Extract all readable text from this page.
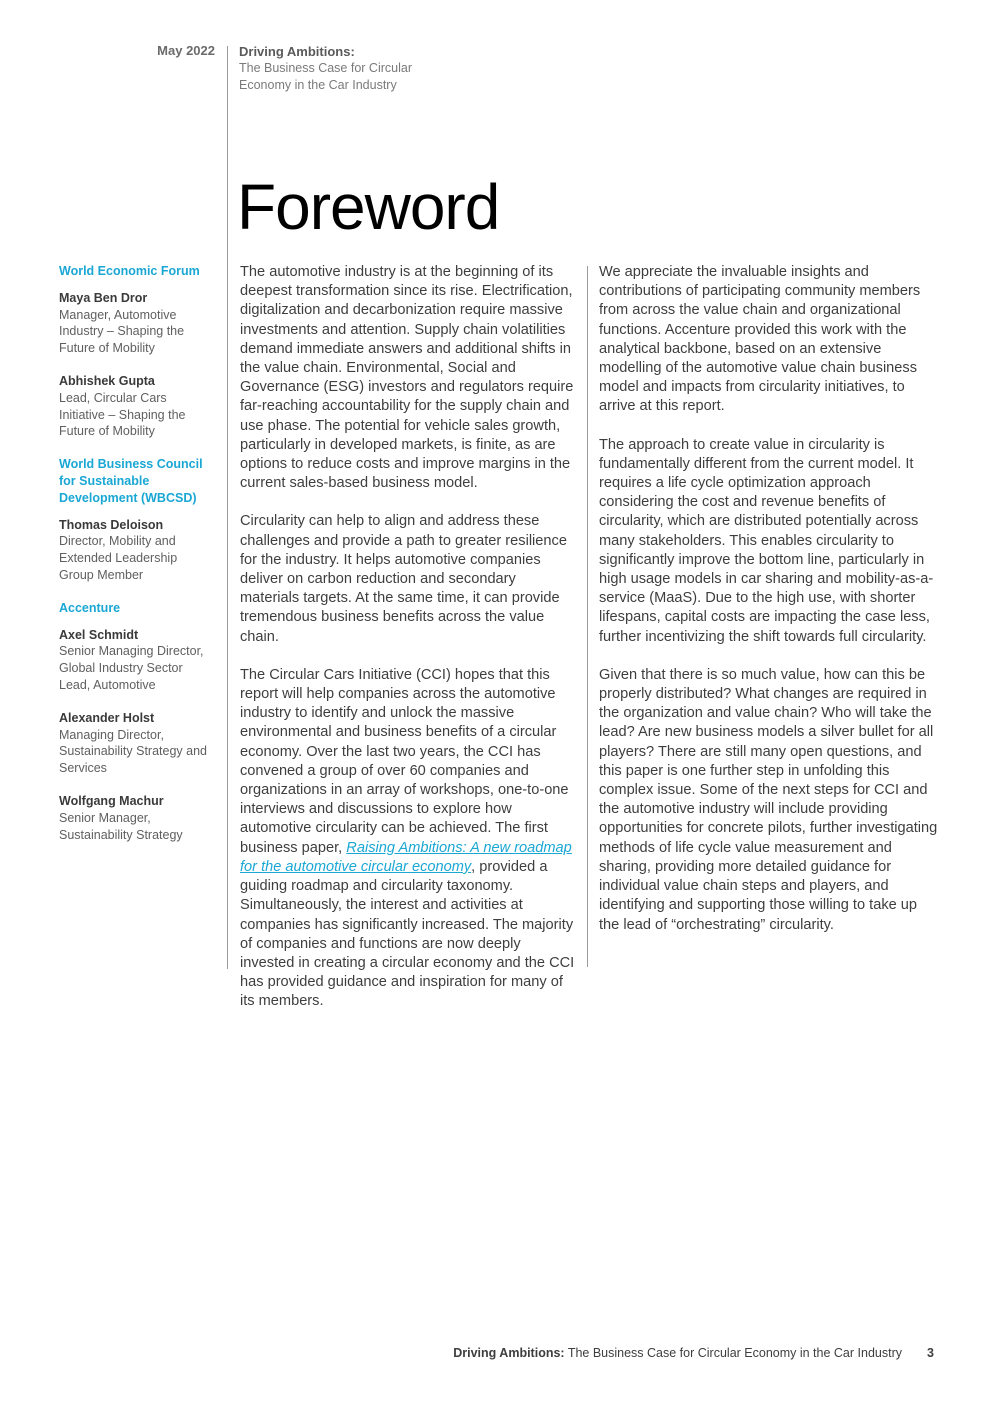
May 2022 Driving Ambitions:
The Business Case for Circular
Economy in the Car Industry
Foreword
World Economic Forum
Maya Ben Dror
Manager, Automotive Industry – Shaping the Future of Mobility
Abhishek Gupta
Lead, Circular Cars Initiative – Shaping the Future of Mobility
World Business Council for Sustainable Development (WBCSD)
Thomas Deloison
Director, Mobility and Extended Leadership Group Member
Accenture
Axel Schmidt
Senior Managing Director, Global Industry Sector Lead, Automotive
Alexander Holst
Managing Director, Sustainability Strategy and Services
Wolfgang Machur
Senior Manager, Sustainability Strategy

The automotive industry is at the beginning of its deepest transformation since its rise. Electrification, digitalization and decarbonization require massive investments and attention. Supply chain volatilities demand immediate answers and additional shifts in the value chain. Environmental, Social and Governance (ESG) investors and regulators require far-reaching accountability for the supply chain and use phase. The potential for vehicle sales growth, particularly in developed markets, is finite, as are options to reduce costs and improve margins in the current sales-based business model.

Circularity can help to align and address these challenges and provide a path to greater resilience for the industry. It helps automotive companies deliver on carbon reduction and secondary materials targets. At the same time, it can provide tremendous business benefits across the value chain.

The Circular Cars Initiative (CCI) hopes that this report will help companies across the automotive industry to identify and unlock the massive environmental and business benefits of a circular economy. Over the last two years, the CCI has convened a group of over 60 companies and organizations in an array of workshops, one-to-one interviews and discussions to explore how automotive circularity can be achieved. The first business paper, Raising Ambitions: A new roadmap for the automotive circular economy, provided a guiding roadmap and circularity taxonomy. Simultaneously, the interest and activities at companies has significantly increased. The majority of companies and functions are now deeply invested in creating a circular economy and the CCI has provided guidance and inspiration for many of its members.

We appreciate the invaluable insights and contributions of participating community members from across the value chain and organizational functions. Accenture provided this work with the analytical backbone, based on an extensive modelling of the automotive value chain business model and impacts from circularity initiatives, to arrive at this report.

The approach to create value in circularity is fundamentally different from the current model. It requires a life cycle optimization approach considering the cost and revenue benefits of circularity, which are distributed potentially across many stakeholders. This enables circularity to significantly improve the bottom line, particularly in high usage models in car sharing and mobility-as-a-service (MaaS). Due to the high use, with shorter lifespans, capital costs are impacting the case less, further incentivizing the shift towards full circularity.

Given that there is so much value, how can this be properly distributed? What changes are required in the organization and value chain? Who will take the lead? Are new business models a silver bullet for all players? There are still many open questions, and this paper is one further step in unfolding this complex issue. Some of the next steps for CCI and the automotive industry will include providing opportunities for concrete pilots, further investigating methods of life cycle value measurement and sharing, providing more detailed guidance for individual value chain steps and players, and identifying and supporting those willing to take up the lead of “orchestrating” circularity.

Driving Ambitions: The Business Case for Circular Economy in the Car Industry	3
